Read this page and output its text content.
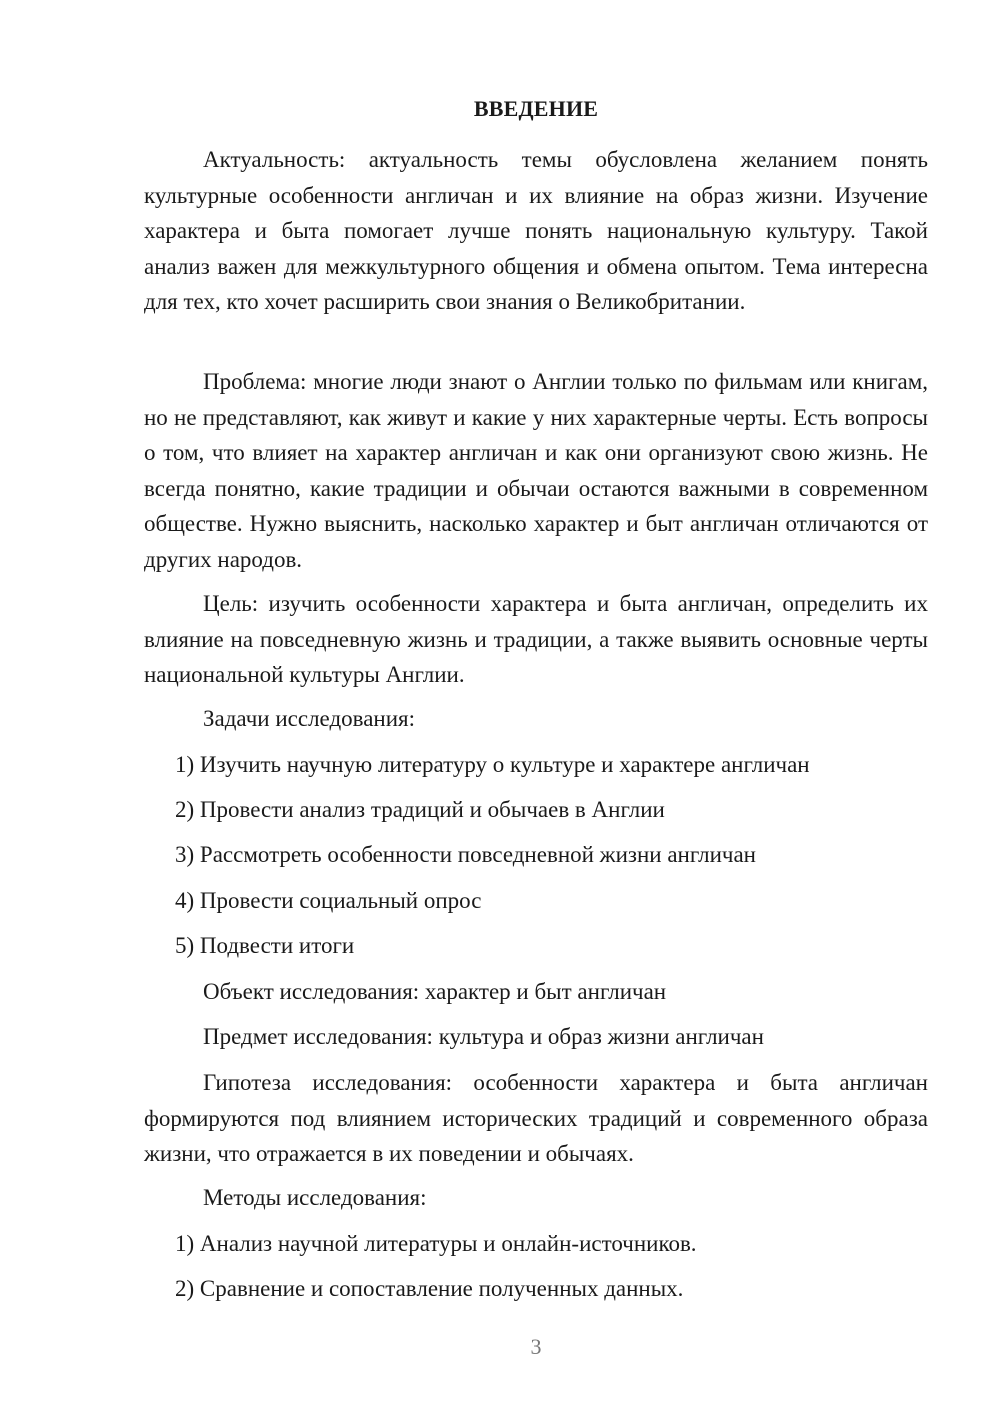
ВВЕДЕНИЕ

Актуальность: актуальность темы обусловлена желанием понять культурные особенности англичан и их влияние на образ жизни. Изучение характера и быта помогает лучше понять национальную культуру. Такой анализ важен для межкультурного общения и обмена опытом. Тема интересна для тех, кто хочет расширить свои знания о Великобритании.

Проблема: многие люди знают о Англии только по фильмам или книгам, но не представляют, как живут и какие у них характерные черты. Есть вопросы о том, что влияет на характер англичан и как они организуют свою жизнь. Не всегда понятно, какие традиции и обычаи остаются важными в современном обществе. Нужно выяснить, насколько характер и быт англичан отличаются от других народов.

Цель: изучить особенности характера и быта англичан, определить их влияние на повседневную жизнь и традиции, а также выявить основные черты национальной культуры Англии.

Задачи исследования:
1) Изучить научную литературу о культуре и характере англичан
2) Провести анализ традиций и обычаев в Англии
3) Рассмотреть особенности повседневной жизни англичан
4) Провести социальный опрос
5) Подвести итоги
Объект исследования: характер и быт англичан
Предмет исследования: культура и образ жизни англичан

Гипотеза исследования: особенности характера и быта англичан формируются под влиянием исторических традиций и современного образа жизни, что отражается в их поведении и обычаях.

Методы исследования:
1) Анализ научной литературы и онлайн-источников.
2) Сравнение и сопоставление полученных данных.
3
